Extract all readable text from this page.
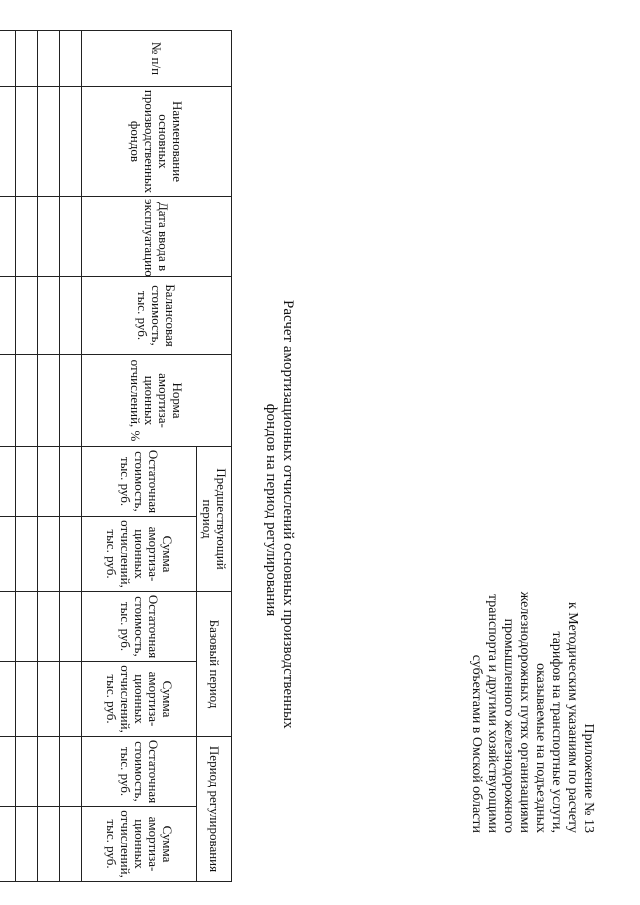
Приложение № 13
к Методическим указаниям по расчету
тарифов на транспортные услуги,
оказываемые на подъездных
железнодорожных путях организациями
промышленного железнодорожного
транспорта и другими хозяйствующими
субъектами в Омской области
Расчет амортизационных отчислений основных производственных
фондов на период регулирования
№ п/п	Наименование основных производственных фондов	Дата ввода в эксплуатацию	Балансовая стоимость, тыс. руб.	Норма амортиза-ционных отчислений, %	Предшествующий период		Базовый период		Период регулирования	
					Остаточная стоимость, тыс. руб.	Сумма амортиза-ционных отчислений, тыс. руб.	Остаточная стоимость, тыс. руб.	Сумма амортиза-ционных отчислений, тыс. руб.	Остаточная стоимость, тыс. руб.	Сумма амортиза-ционных отчислений, тыс. руб.
